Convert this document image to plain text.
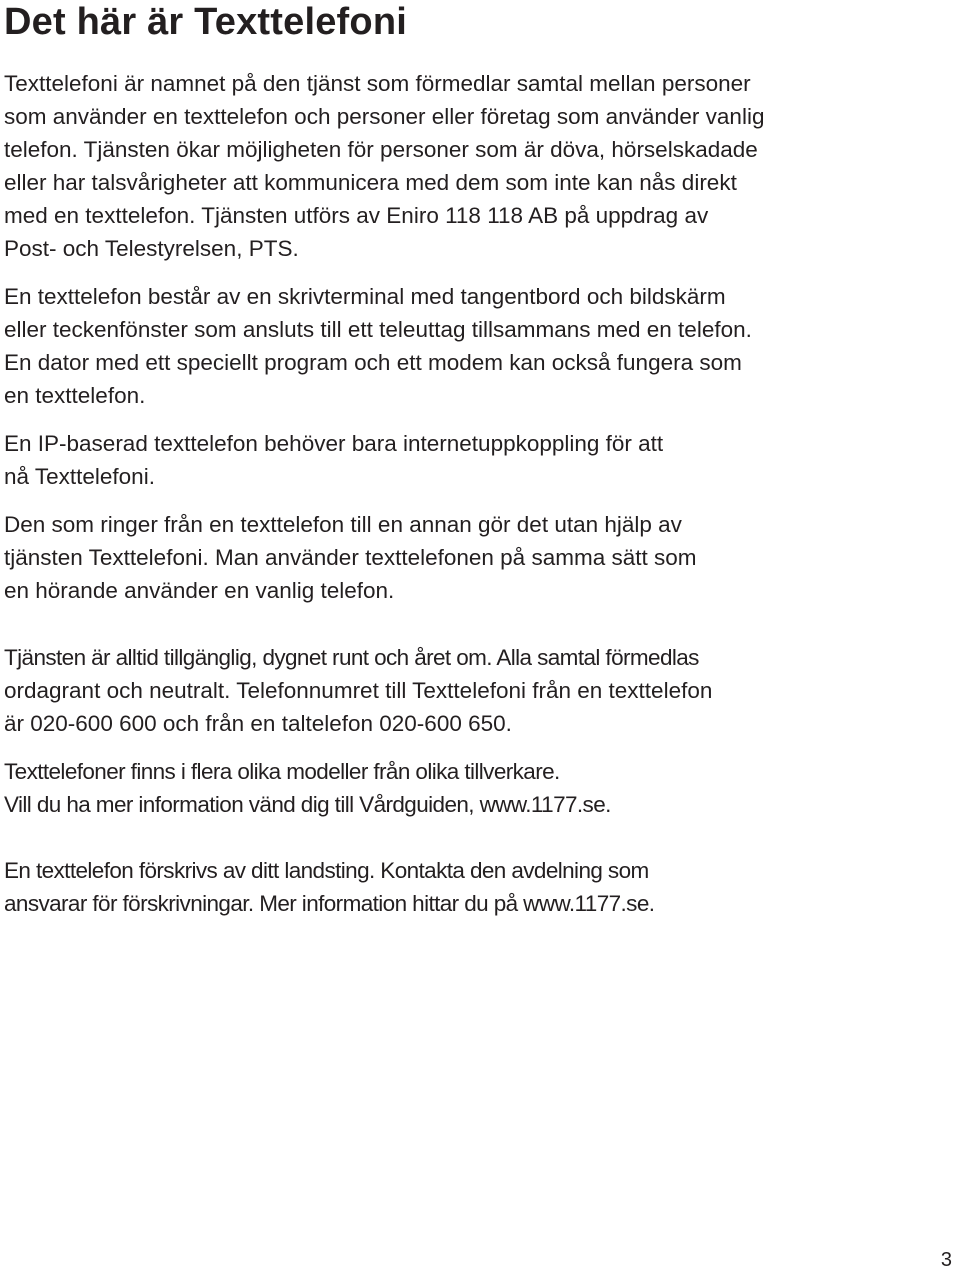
Det här är Texttelefoni

Texttelefoni är namnet på den tjänst som förmedlar samtal mellan personer
som använder en texttelefon och personer eller företag som använder vanlig
telefon. Tjänsten ökar möjligheten för personer som är döva, hörselskadade
eller har talsvårigheter att kommunicera med dem som inte kan nås direkt
med en texttelefon. Tjänsten utförs av Eniro 118 118 AB på uppdrag av
Post- och Telestyrelsen, PTS.

En texttelefon består av en skrivterminal med tangentbord och bildskärm
eller teckenfönster som ansluts till ett teleuttag tillsammans med en telefon.
En dator med ett speciellt program och ett modem kan också fungera som
en texttelefon.

En IP-baserad texttelefon behöver bara internetuppkoppling för att
nå Texttelefoni.

Den som ringer från en texttelefon till en annan gör det utan hjälp av
tjänsten Texttelefoni. Man använder texttelefonen på samma sätt som
en hörande använder en vanlig telefon.

Tjänsten är alltid tillgänglig, dygnet runt och året om. Alla samtal förmedlas
ordagrant och neutralt. Telefonnumret till Texttelefoni från en texttelefon
är 020-600 600 och från en taltelefon 020-600 650.

Texttelefoner finns i flera olika modeller från olika tillverkare.
Vill du ha mer information vänd dig till Vårdguiden, www.1177.se.

En texttelefon förskrivs av ditt landsting. Kontakta den avdelning som
ansvarar för förskrivningar. Mer information hittar du på www.1177.se.

3
